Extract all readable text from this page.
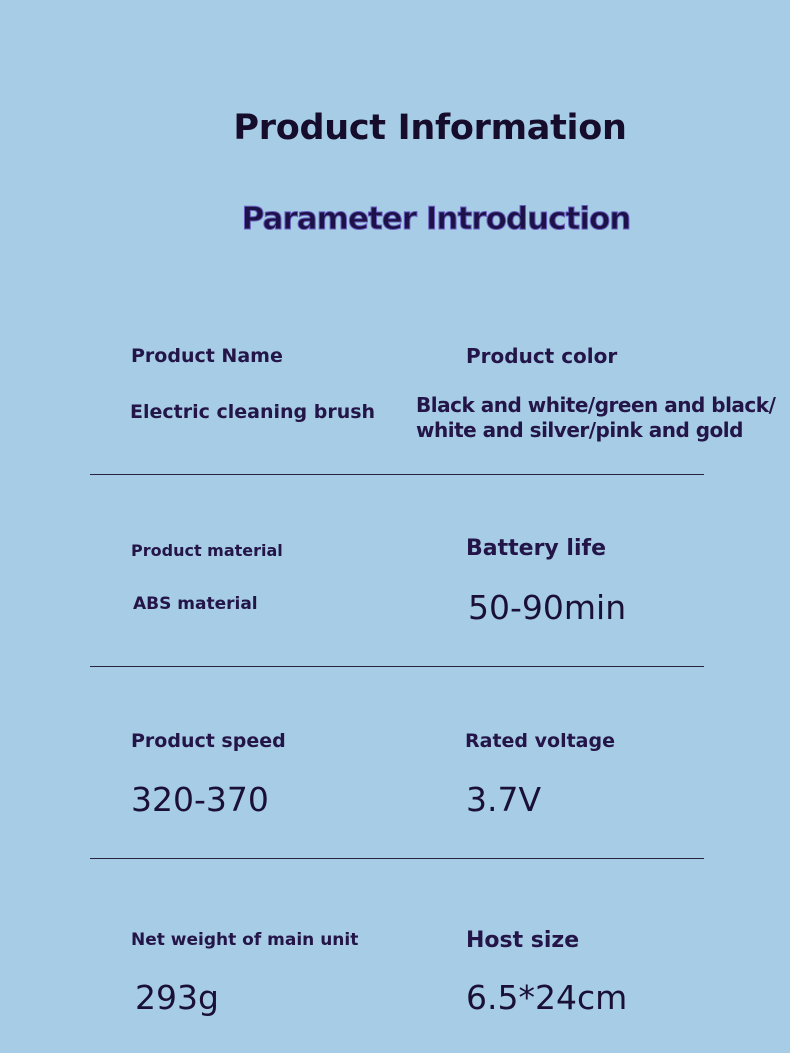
Product Information
Parameter Introduction
Product Name
Electric cleaning brush
Product color
Black and white/green and black/
white and silver/pink and gold
Product material
ABS material
Battery life
50-90min
Product speed
320-370
Rated voltage
3.7V
Net weight of main unit
293g
Host size
6.5*24cm
